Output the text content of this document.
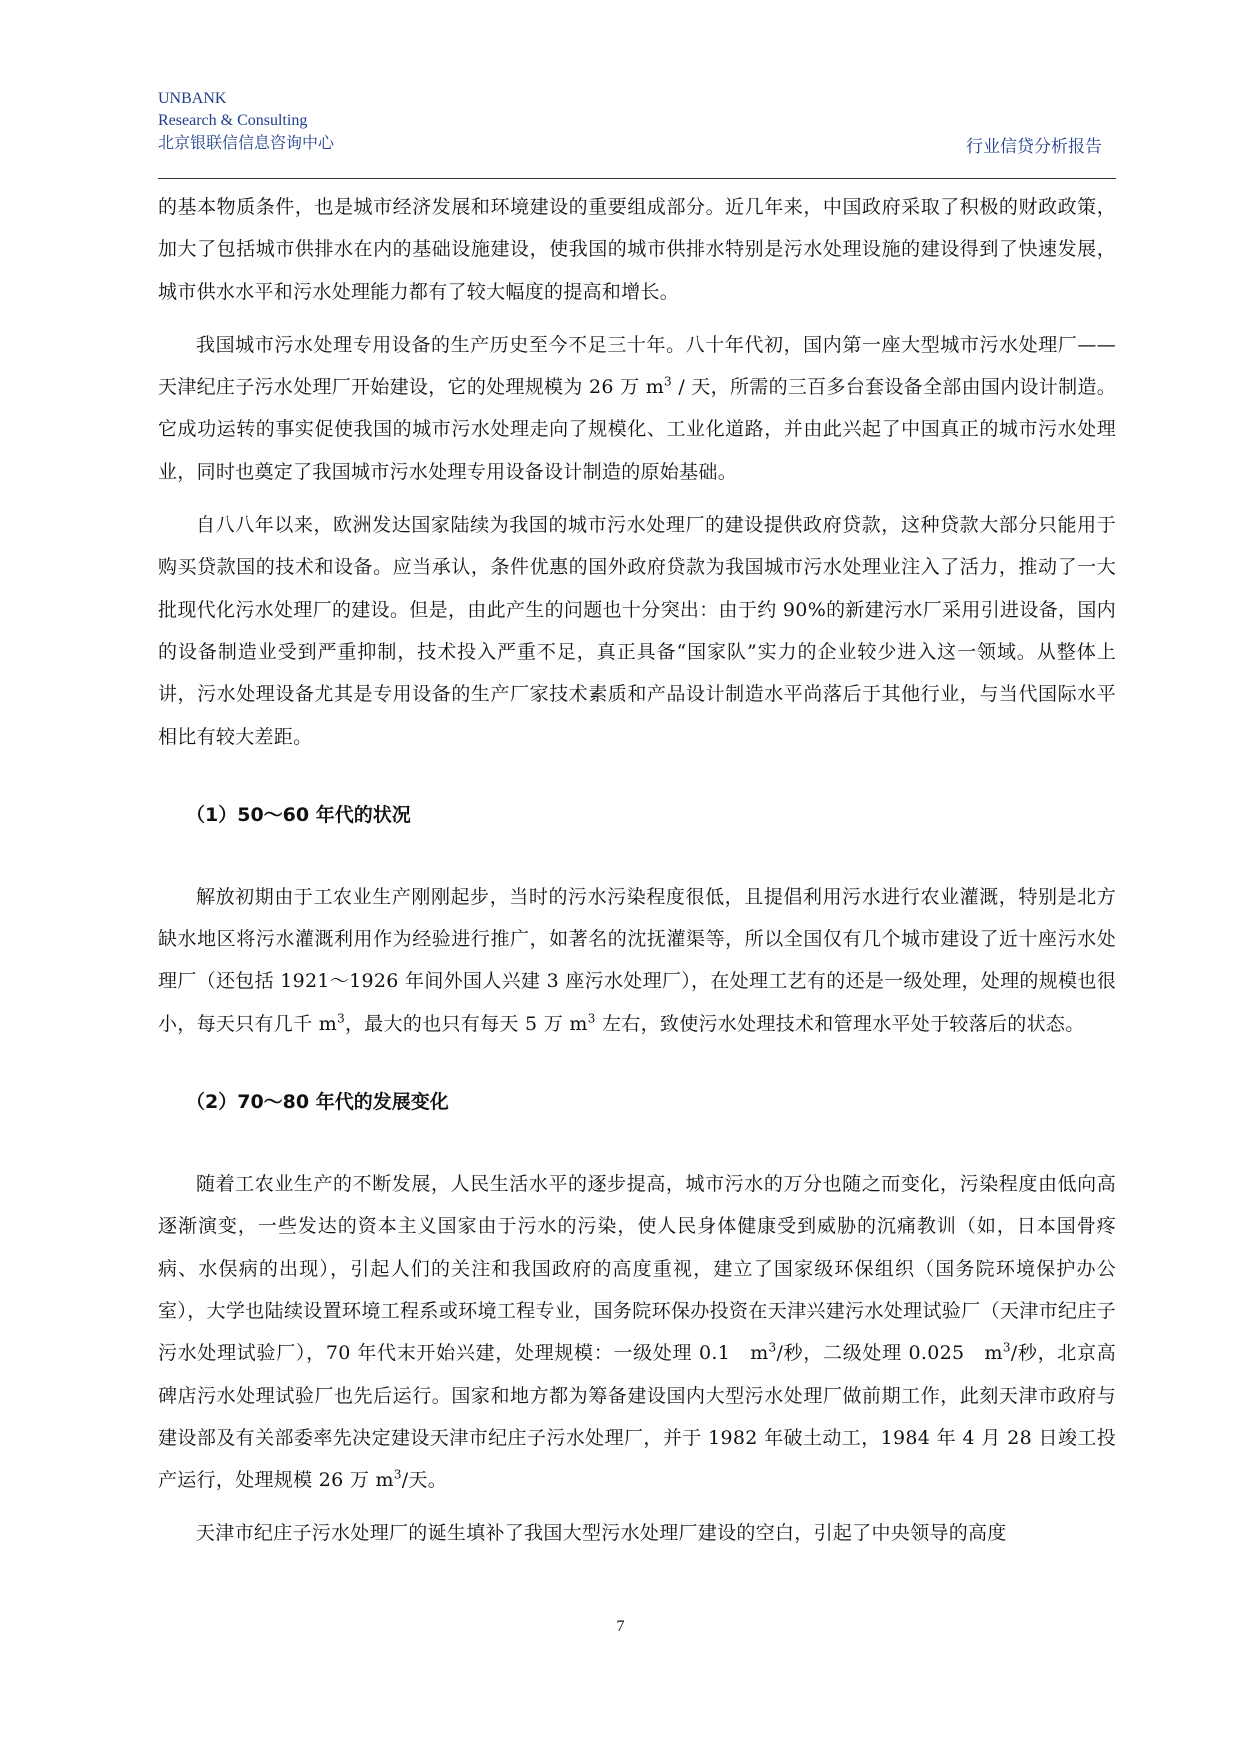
UNBANK
Research & Consulting
北京银联信信息咨询中心	行业信贷分析报告

的基本物质条件，也是城市经济发展和环境建设的重要组成部分。近几年来，中国政府采取了积极的财政政策，加大了包括城市供排水在内的基础设施建设，使我国的城市供排水特别是污水处理设施的建设得到了快速发展，城市供水水平和污水处理能力都有了较大幅度的提高和增长。

我国城市污水处理专用设备的生产历史至今不足三十年。八十年代初，国内第一座大型城市污水处理厂——天津纪庄子污水处理厂开始建设，它的处理规模为 26 万 $m^3$ / 天，所需的三百多台套设备全部由国内设计制造。它成功运转的事实促使我国的城市污水处理走向了规模化、工业化道路，并由此兴起了中国真正的城市污水处理业，同时也奠定了我国城市污水处理专用设备设计制造的原始基础。

自八八年以来，欧洲发达国家陆续为我国的城市污水处理厂的建设提供政府贷款，这种贷款大部分只能用于购买贷款国的技术和设备。应当承认，条件优惠的国外政府贷款为我国城市污水处理业注入了活力，推动了一大批现代化污水处理厂的建设。但是，由此产生的问题也十分突出：由于约 90%的新建污水厂采用引进设备，国内的设备制造业受到严重抑制，技术投入严重不足，真正具备“国家队”实力的企业较少进入这一领域。从整体上讲，污水处理设备尤其是专用设备的生产厂家技术素质和产品设计制造水平尚落后于其他行业，与当代国际水平相比有较大差距。

（1）50～60 年代的状况

解放初期由于工农业生产刚刚起步，当时的污水污染程度很低，且提倡利用污水进行农业灌溉，特别是北方缺水地区将污水灌溉利用作为经验进行推广，如著名的沈抚灌渠等，所以全国仅有几个城市建设了近十座污水处理厂（还包括 1921～1926 年间外国人兴建 3 座污水处理厂），在处理工艺有的还是一级处理，处理的规模也很小，每天只有几千 $m^3$，最大的也只有每天 5 万 $m^3$ 左右，致使污水处理技术和管理水平处于较落后的状态。

（2）70～80 年代的发展变化

随着工农业生产的不断发展，人民生活水平的逐步提高，城市污水的万分也随之而变化，污染程度由低向高逐渐演变，一些发达的资本主义国家由于污水的污染，使人民身体健康受到威胁的沉痛教训（如，日本国骨疼病、水俣病的出现），引起人们的关注和我国政府的高度重视，建立了国家级环保组织（国务院环境保护办公室），大学也陆续设置环境工程系或环境工程专业，国务院环保办投资在天津兴建污水处理试验厂（天津市纪庄子污水处理试验厂），70 年代末开始兴建，处理规模：一级处理 0.1　$m^3/$秒，二级处理 0.025　$m^3/$秒，北京高碑店污水处理试验厂也先后运行。国家和地方都为筹备建设国内大型污水处理厂做前期工作，此刻天津市政府与建设部及有关部委率先决定建设天津市纪庄子污水处理厂，并于 1982 年破土动工，1984 年 4 月 28 日竣工投产运行，处理规模 26 万 $m^3/$天。

天津市纪庄子污水处理厂的诞生填补了我国大型污水处理厂建设的空白，引起了中央领导的高度

7
